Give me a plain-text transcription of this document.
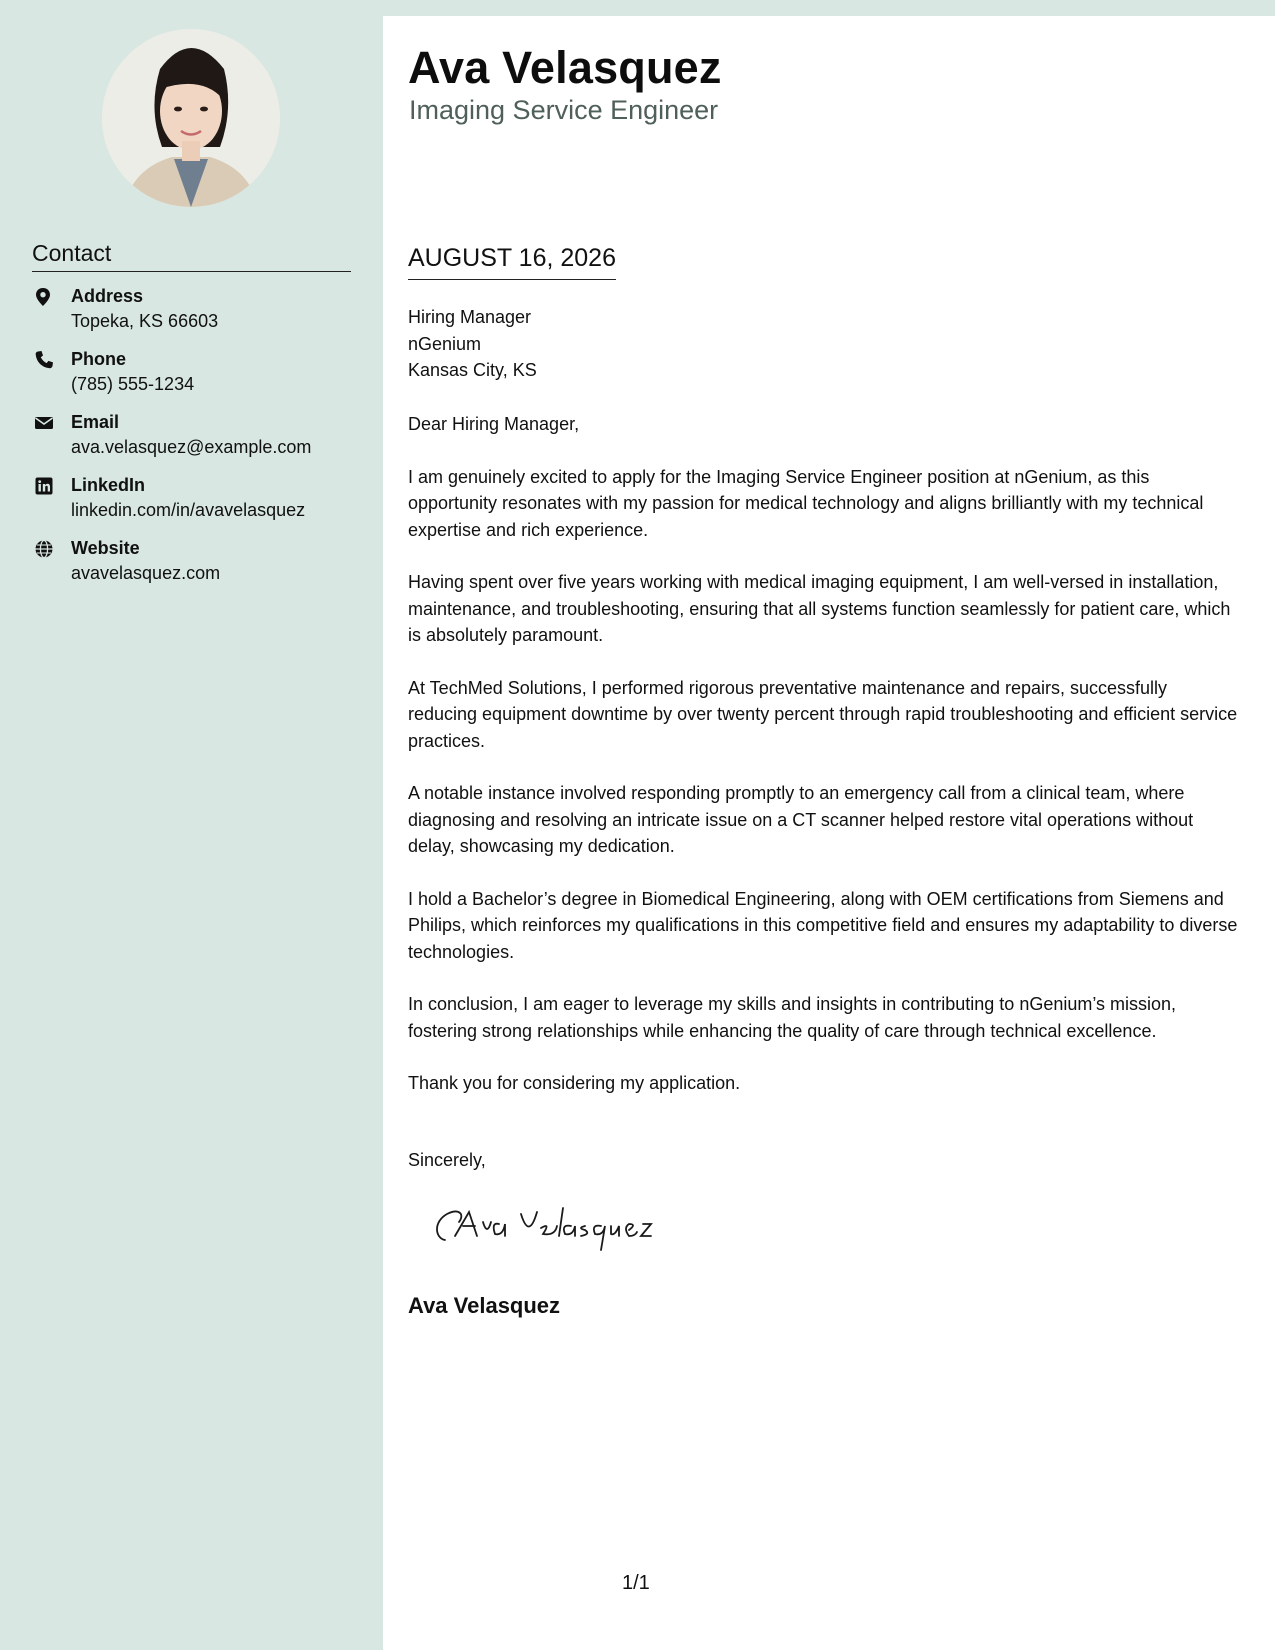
Contact
Address
Topeka, KS 66603
Phone
(785) 555-1234
Email
ava.velasquez@example.com
LinkedIn
linkedin.com/in/avavelasquez
Website
avavelasquez.com
Ava Velasquez
Imaging Service Engineer
AUGUST 16, 2026
Hiring Manager
nGenium
Kansas City, KS

Dear Hiring Manager,

I am genuinely excited to apply for the Imaging Service Engineer position at nGenium, as this opportunity resonates with my passion for medical technology and aligns brilliantly with my technical expertise and rich experience.

Having spent over five years working with medical imaging equipment, I am well-versed in installation, maintenance, and troubleshooting, ensuring that all systems function seamlessly for patient care, which is absolutely paramount.

At TechMed Solutions, I performed rigorous preventative maintenance and repairs, successfully reducing equipment downtime by over twenty percent through rapid troubleshooting and efficient service practices.

A notable instance involved responding promptly to an emergency call from a clinical team, where diagnosing and resolving an intricate issue on a CT scanner helped restore vital operations without delay, showcasing my dedication.

I hold a Bachelor’s degree in Biomedical Engineering, along with OEM certifications from Siemens and Philips, which reinforces my qualifications in this competitive field and ensures my adaptability to diverse technologies.

In conclusion, I am eager to leverage my skills and insights in contributing to nGenium’s mission, fostering strong relationships while enhancing the quality of care through technical excellence.

Thank you for considering my application.

Sincerely,
Ava Velasquez
1/1
